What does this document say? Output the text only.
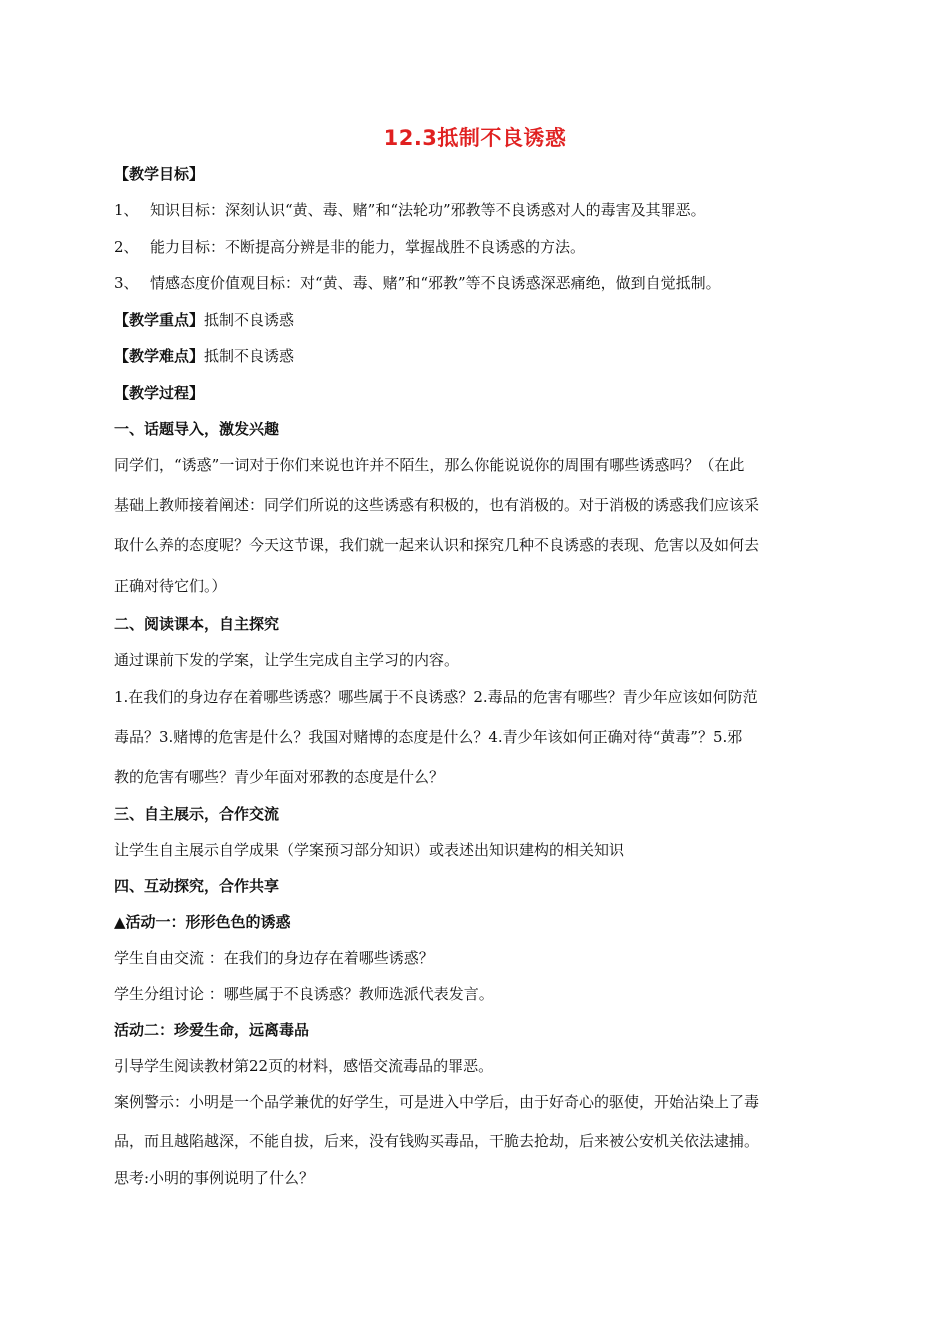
12.3抵制不良诱惑
【教学目标】
1、 知识目标：深刻认识“黄、毒、赌”和“法轮功”邪教等不良诱惑对人的毒害及其罪恶。
2、 能力目标：不断提高分辨是非的能力，掌握战胜不良诱惑的方法。
3、 情感态度价值观目标：对“黄、毒、赌”和“邪教”等不良诱惑深恶痛绝，做到自觉抵制。
【教学重点】抵制不良诱惑
【教学难点】抵制不良诱惑
【教学过程】
一、话题导入，激发兴趣
同学们，“诱惑”一词对于你们来说也许并不陌生，那么你能说说你的周围有哪些诱惑吗？（在此
基础上教师接着阐述：同学们所说的这些诱惑有积极的，也有消极的。对于消极的诱惑我们应该采
取什么养的态度呢？今天这节课，我们就一起来认识和探究几种不良诱惑的表现、危害以及如何去
正确对待它们。）
二、阅读课本，自主探究
通过课前下发的学案，让学生完成自主学习的内容。
1.在我们的身边存在着哪些诱惑？哪些属于不良诱惑？2.毒品的危害有哪些？青少年应该如何防范
毒品？3.赌博的危害是什么？我国对赌博的态度是什么？4.青少年该如何正确对待“黄毒”？5.邪
教的危害有哪些？青少年面对邪教的态度是什么？
三、自主展示，合作交流
让学生自主展示自学成果（学案预习部分知识）或表述出知识建构的相关知识
四、互动探究，合作共享
▲活动一：形形色色的诱惑
学生自由交流 ：在我们的身边存在着哪些诱惑？
学生分组讨论 ：哪些属于不良诱惑？教师选派代表发言。
活动二：珍爱生命，远离毒品
引导学生阅读教材第22页的材料，感悟交流毒品的罪恶。
案例警示：小明是一个品学兼优的好学生，可是进入中学后，由于好奇心的驱使，开始沾染上了毒
品，而且越陷越深，不能自拔，后来，没有钱购买毒品，干脆去抢劫，后来被公安机关依法逮捕。
思考:小明的事例说明了什么？
